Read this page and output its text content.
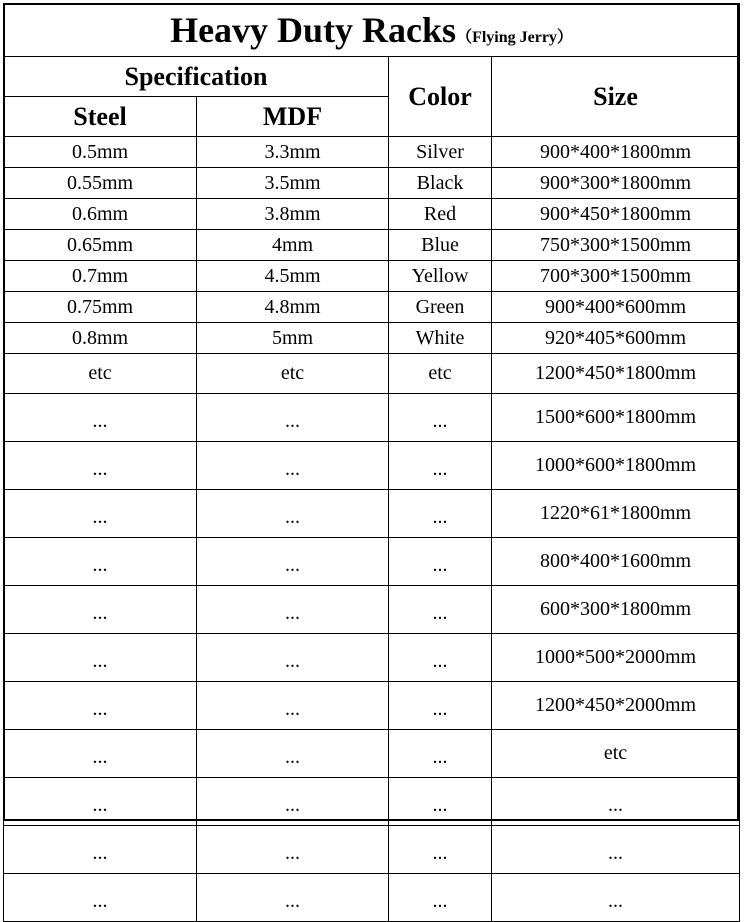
Heavy Duty Racks（Flying Jerry）			
Specification		Color	Size
Steel	MDF		
0.5mm	3.3mm	Silver	900*400*1800mm
0.55mm	3.5mm	Black	900*300*1800mm
0.6mm	3.8mm	Red	900*450*1800mm
0.65mm	4mm	Blue	750*300*1500mm
0.7mm	4.5mm	Yellow	700*300*1500mm
0.75mm	4.8mm	Green	900*400*600mm
0.8mm	5mm	White	920*405*600mm
etc	etc	etc	1200*450*1800mm
...	...	...	1500*600*1800mm
...	...	...	1000*600*1800mm
...	...	...	1220*61*1800mm
...	...	...	800*400*1600mm
...	...	...	600*300*1800mm
...	...	...	1000*500*2000mm
...	...	...	1200*450*2000mm
...	...	...	etc
...	...	...	...
...	...	...	...
...	...	...	...
